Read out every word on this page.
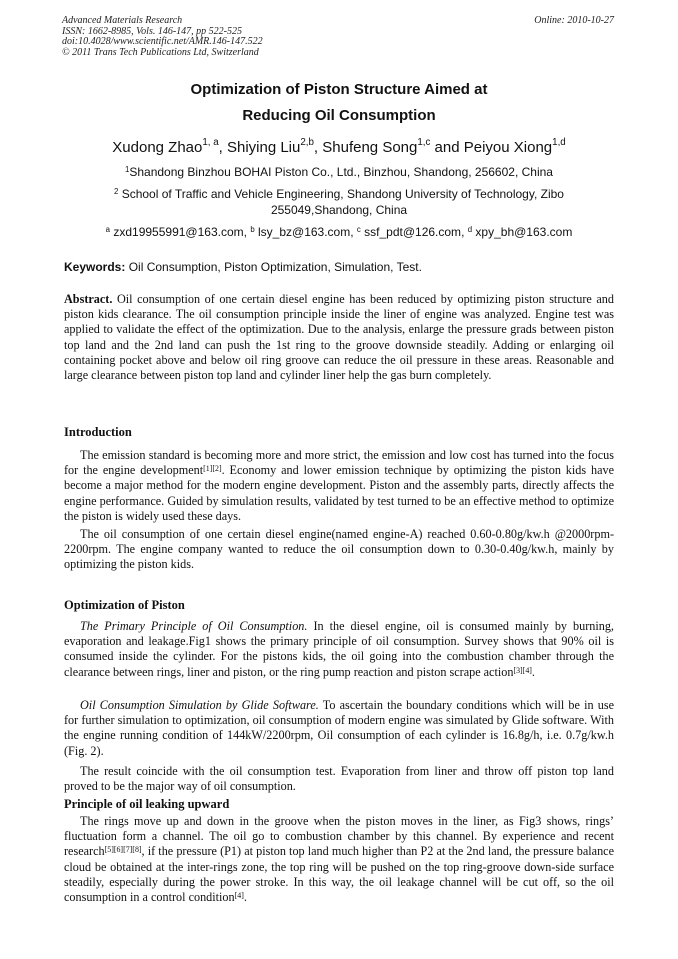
Advanced Materials Research
ISSN: 1662-8985, Vols. 146-147, pp 522-525
doi:10.4028/www.scientific.net/AMR.146-147.522
© 2011 Trans Tech Publications Ltd, Switzerland
Online: 2010-10-27
Optimization of Piston Structure Aimed at
Reducing Oil Consumption
Xudong Zhao$^{1, a}$, Shiying Liu$^{2,b}$, Shufeng Song$^{1,c}$ and Peiyou Xiong$^{1,d}$
$^1$Shandong Binzhou BOHAI Piston Co., Ltd., Binzhou, Shandong, 256602, China
$^2$ School of Traffic and Vehicle Engineering, Shandong University of Technology, Zibo
255049,Shandong, China
$^a$ zxd19955991@163.com, $^b$ lsy_bz@163.com, $^c$ ssf_pdt@126.com, $^d$ xpy_bh@163.com
Keywords: Oil Consumption, Piston Optimization, Simulation, Test.
Abstract. Oil consumption of one certain diesel engine has been reduced by optimizing piston structure and piston kids clearance. The oil consumption principle inside the liner of engine was analyzed. Engine test was applied to validate the effect of the optimization. Due to the analysis, enlarge the pressure grads between piston top land and the 2nd land can push the 1st ring to the groove downside steadily. Adding or enlarging oil containing pocket above and below oil ring groove can reduce the oil pressure in these areas. Reasonable and large clearance between piston top land and cylinder liner help the gas burn completely.
Introduction
The emission standard is becoming more and more strict, the emission and low cost has turned into the focus for the engine development[1][2]. Economy and lower emission technique by optimizing the piston kids have become a major method for the modern engine development. Piston and the assembly parts, directly affects the engine performance. Guided by simulation results, validated by test turned to be an effective method to optimize the piston is widely used these days.
The oil consumption of one certain diesel engine(named engine-A) reached 0.60-0.80g/kw.h @2000rpm-2200rpm. The engine company wanted to reduce the oil consumption down to 0.30-0.40g/kw.h, mainly by optimizing the piston kids.
Optimization of Piston
The Primary Principle of Oil Consumption. In the diesel engine, oil is consumed mainly by burning, evaporation and leakage.Fig1 shows the primary principle of oil consumption. Survey shows that 90% oil is consumed inside the cylinder. For the pistons kids, the oil going into the combustion chamber through the clearance between rings, liner and piston, or the ring pump reaction and piston scrape action[3][4].
Oil Consumption Simulation by Glide Software. To ascertain the boundary conditions which will be in use for further simulation to optimization, oil consumption of modern engine was simulated by Glide software. With the engine running condition of 144kW/2200rpm, Oil consumption of each cylinder is 16.8g/h, i.e. 0.7g/kw.h (Fig. 2).
The result coincide with the oil consumption test. Evaporation from liner and throw off piston top land proved to be the major way of oil consumption.
Principle of oil leaking upward
The rings move up and down in the groove when the piston moves in the liner, as Fig3 shows, rings’ fluctuation form a channel. The oil go to combustion chamber by this channel. By experience and recent research[5][6][7][8], if the pressure (P1) at piston top land much higher than P2 at the 2nd land, the pressure balance cloud be obtained at the inter-rings zone, the top ring will be pushed on the top ring-groove down-side surface steadily, especially during the power stroke. In this way, the oil leakage channel will be cut off, so the oil consumption in a control condition[4].
